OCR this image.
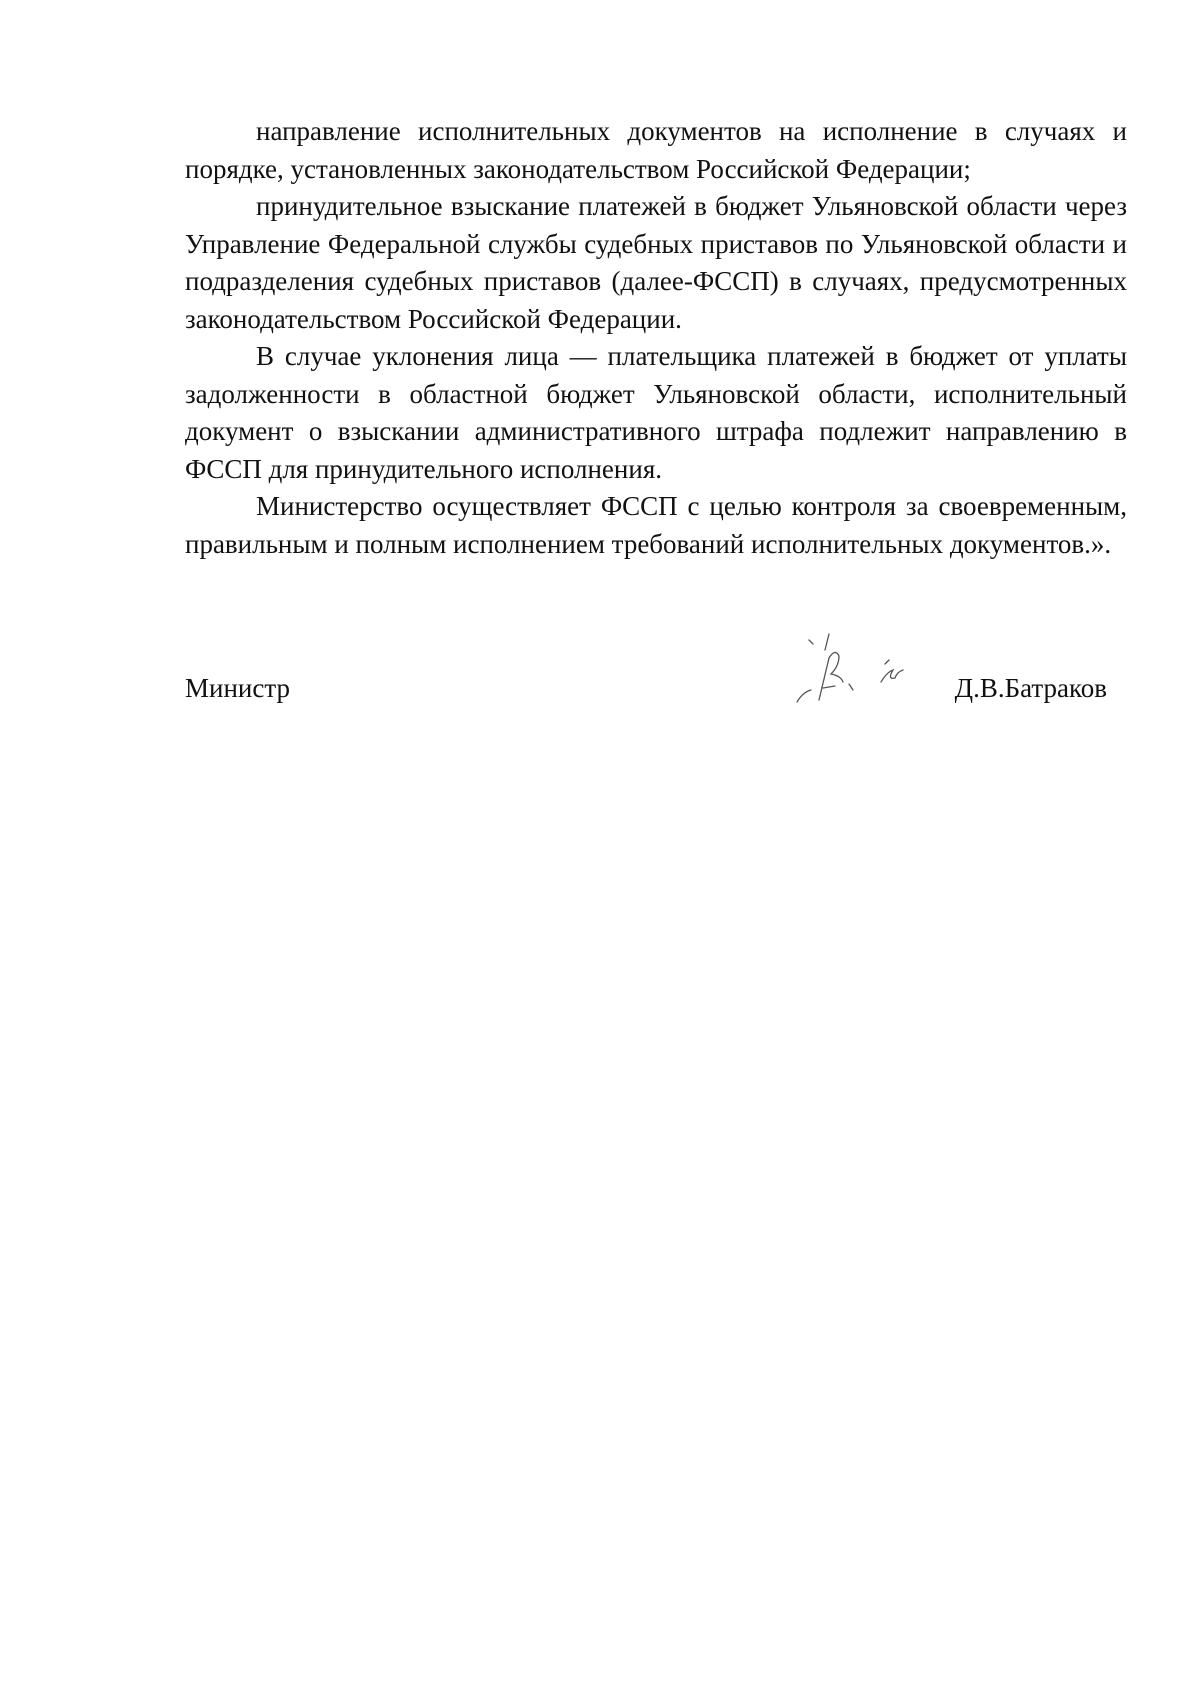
направление исполнительных документов на исполнение в случаях и порядке, установленных законодательством Российской Федерации;

принудительное взыскание платежей в бюджет Ульяновской области через Управление Федеральной службы судебных приставов по Ульяновской области и подразделения судебных приставов (далее-ФССП) в случаях, предусмотренных законодательством Российской Федерации.

В случае уклонения лица — плательщика платежей в бюджет от уплаты задолженности в областной бюджет Ульяновской области, исполнительный документ о взыскании административного штрафа подлежит направлению в ФССП для принудительного исполнения.

Министерство осуществляет ФССП с целью контроля за своевременным, правильным и полным исполнением требований исполнительных документов.».

Министр	Д.В.Батраков
